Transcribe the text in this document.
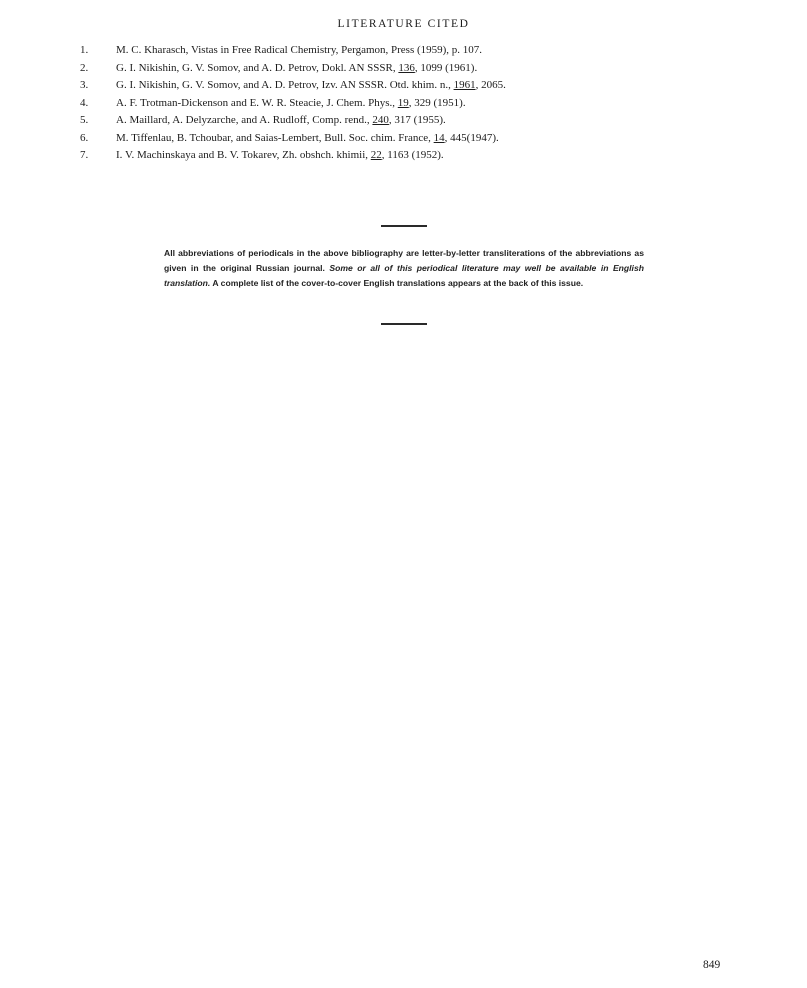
LITERATURE CITED
1.	M. C. Kharasch, Vistas in Free Radical Chemistry, Pergamon, Press (1959), p. 107.
2.	G. I. Nikishin, G. V. Somov, and A. D. Petrov, Dokl. AN SSSR, 136, 1099 (1961).
3.	G. I. Nikishin, G. V. Somov, and A. D. Petrov, Izv. AN SSSR. Otd. khim. n., 1961, 2065.
4.	A. F. Trotman-Dickenson and E. W. R. Steacie, J. Chem. Phys., 19, 329 (1951).
5.	A. Maillard, A. Delyzarche, and A. Rudloff, Comp. rend., 240, 317 (1955).
6.	M. Tiffenlau, B. Tchoubar, and Saias-Lembert, Bull. Soc. chim. France, 14, 445(1947).
7.	I. V. Machinskaya and B. V. Tokarev, Zh. obshch. khimii, 22, 1163 (1952).
All abbreviations of periodicals in the above bibliography are letter-by-letter transliterations of the abbreviations as given in the original Russian journal. Some or all of this periodical literature may well be available in English translation. A complete list of the cover-to-cover English translations appears at the back of this issue.
849
